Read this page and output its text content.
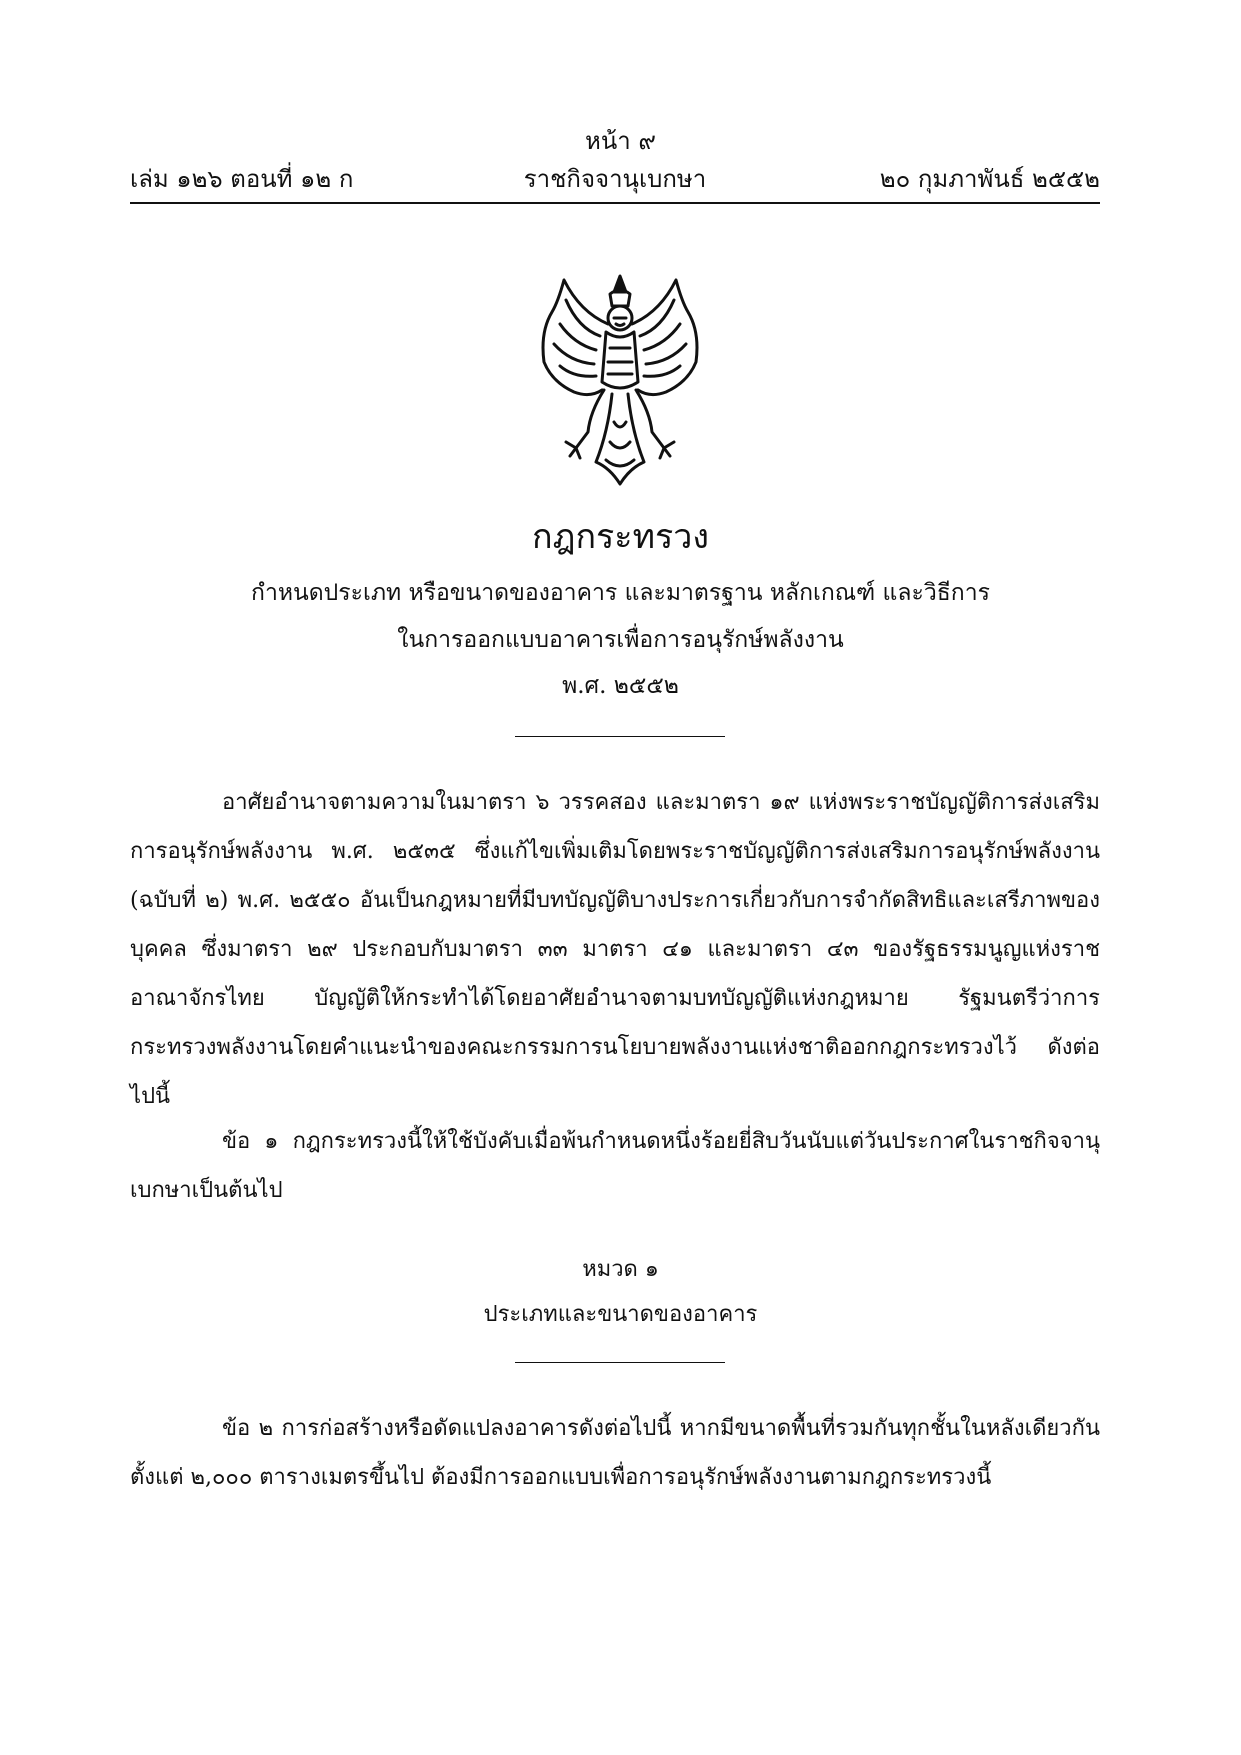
หน้า ๙
เล่ม ๑๒๖ ตอนที่ ๑๒ ก	ราชกิจจานุเบกษา	๒๐ กุมภาพันธ์ ๒๕๕๒
กฎกระทรวง
กำหนดประเภท หรือขนาดของอาคาร และมาตรฐาน หลักเกณฑ์ และวิธีการ
ในการออกแบบอาคารเพื่อการอนุรักษ์พลังงาน
พ.ศ. ๒๕๕๒

อาศัยอำนาจตามความในมาตรา ๖ วรรคสอง และมาตรา ๑๙ แห่งพระราชบัญญัติการส่งเสริมการอนุรักษ์พลังงาน พ.ศ. ๒๕๓๕ ซึ่งแก้ไขเพิ่มเติมโดยพระราชบัญญัติการส่งเสริมการอนุรักษ์พลังงาน (ฉบับที่ ๒) พ.ศ. ๒๕๕๐ อันเป็นกฎหมายที่มีบทบัญญัติบางประการเกี่ยวกับการจำกัดสิทธิและเสรีภาพของบุคคล ซึ่งมาตรา ๒๙ ประกอบกับมาตรา ๓๓ มาตรา ๔๑ และมาตรา ๔๓ ของรัฐธรรมนูญแห่งราชอาณาจักรไทย บัญญัติให้กระทำได้โดยอาศัยอำนาจตามบทบัญญัติแห่งกฎหมาย รัฐมนตรีว่าการกระทรวงพลังงานโดยคำแนะนำของคณะกรรมการนโยบายพลังงานแห่งชาติออกกฎกระทรวงไว้ ดังต่อไปนี้

ข้อ ๑ กฎกระทรวงนี้ให้ใช้บังคับเมื่อพ้นกำหนดหนึ่งร้อยยี่สิบวันนับแต่วันประกาศในราชกิจจานุเบกษาเป็นต้นไป

หมวด ๑
ประเภทและขนาดของอาคาร

ข้อ ๒ การก่อสร้างหรือดัดแปลงอาคารดังต่อไปนี้ หากมีขนาดพื้นที่รวมกันทุกชั้นในหลังเดียวกันตั้งแต่ ๒,๐๐๐ ตารางเมตรขึ้นไป ต้องมีการออกแบบเพื่อการอนุรักษ์พลังงานตามกฎกระทรวงนี้
